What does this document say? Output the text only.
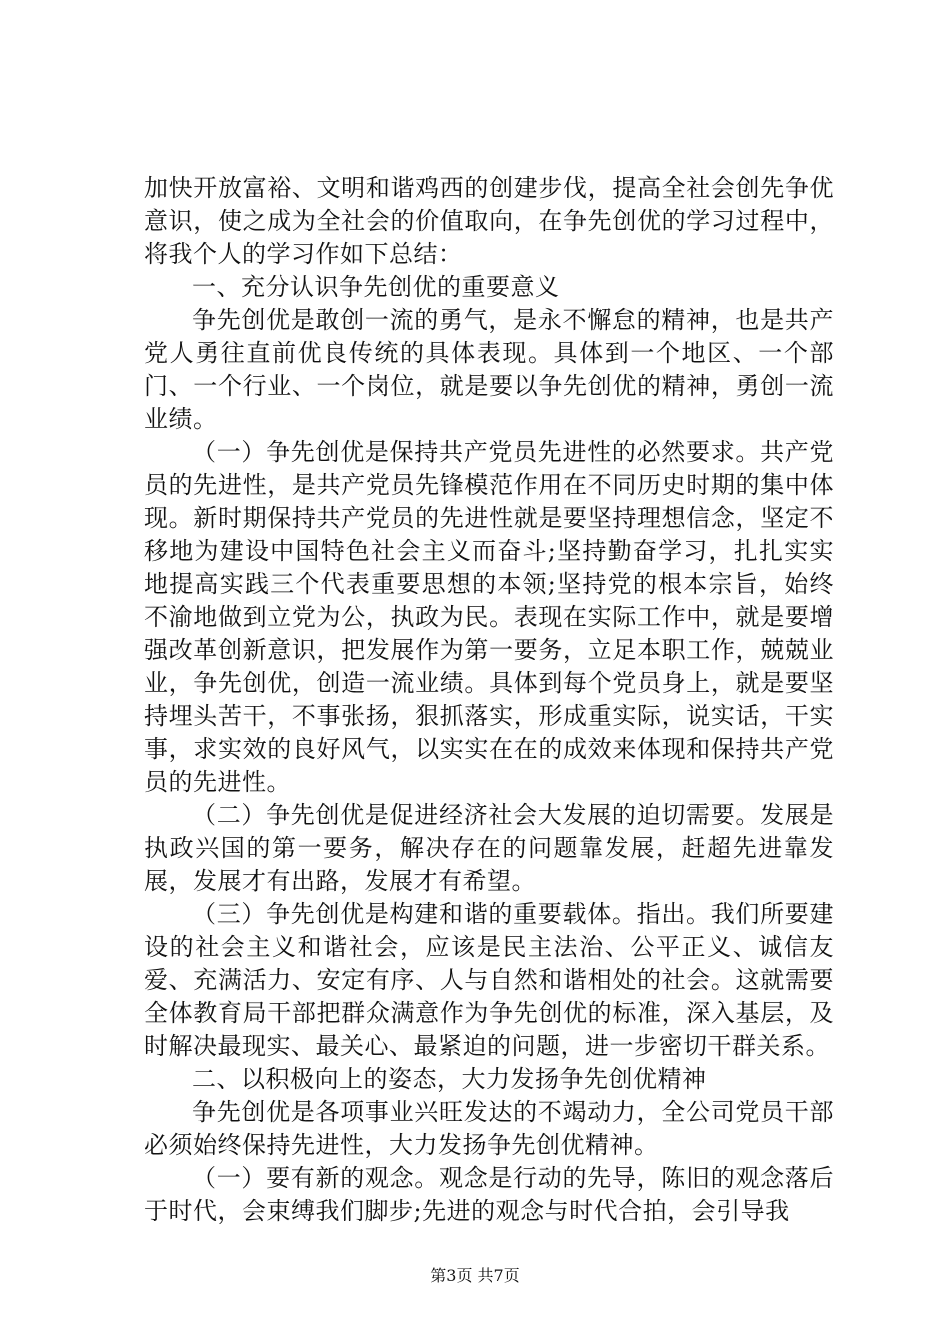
加快开放富裕、文明和谐鸡西的创建步伐，提高全社会创先争优意识，使之成为全社会的价值取向，在争先创优的学习过程中，将我个人的学习作如下总结：

一、充分认识争先创优的重要意义

争先创优是敢创一流的勇气，是永不懈怠的精神，也是共产党人勇往直前优良传统的具体表现。具体到一个地区、一个部门、一个行业、一个岗位，就是要以争先创优的精神，勇创一流业绩。

（一）争先创优是保持共产党员先进性的必然要求。共产党员的先进性，是共产党员先锋模范作用在不同历史时期的集中体现。新时期保持共产党员的先进性就是要坚持理想信念，坚定不移地为建设中国特色社会主义而奋斗;坚持勤奋学习，扎扎实实地提高实践三个代表重要思想的本领;坚持党的根本宗旨，始终不渝地做到立党为公，执政为民。表现在实际工作中，就是要增强改革创新意识，把发展作为第一要务，立足本职工作，兢兢业业，争先创优，创造一流业绩。具体到每个党员身上，就是要坚持埋头苦干，不事张扬，狠抓落实，形成重实际，说实话，干实事，求实效的良好风气，以实实在在的成效来体现和保持共产党员的先进性。

（二）争先创优是促进经济社会大发展的迫切需要。发展是执政兴国的第一要务，解决存在的问题靠发展，赶超先进靠发展，发展才有出路，发展才有希望。

（三）争先创优是构建和谐的重要载体。指出。我们所要建设的社会主义和谐社会，应该是民主法治、公平正义、诚信友爱、充满活力、安定有序、人与自然和谐相处的社会。这就需要全体教育局干部把群众满意作为争先创优的标准，深入基层，及时解决最现实、最关心、最紧迫的问题，进一步密切干群关系。

二、以积极向上的姿态，大力发扬争先创优精神

争先创优是各项事业兴旺发达的不竭动力，全公司党员干部必须始终保持先进性，大力发扬争先创优精神。

（一）要有新的观念。观念是行动的先导，陈旧的观念落后于时代，会束缚我们脚步;先进的观念与时代合拍，会引导我

第3页 共7页
